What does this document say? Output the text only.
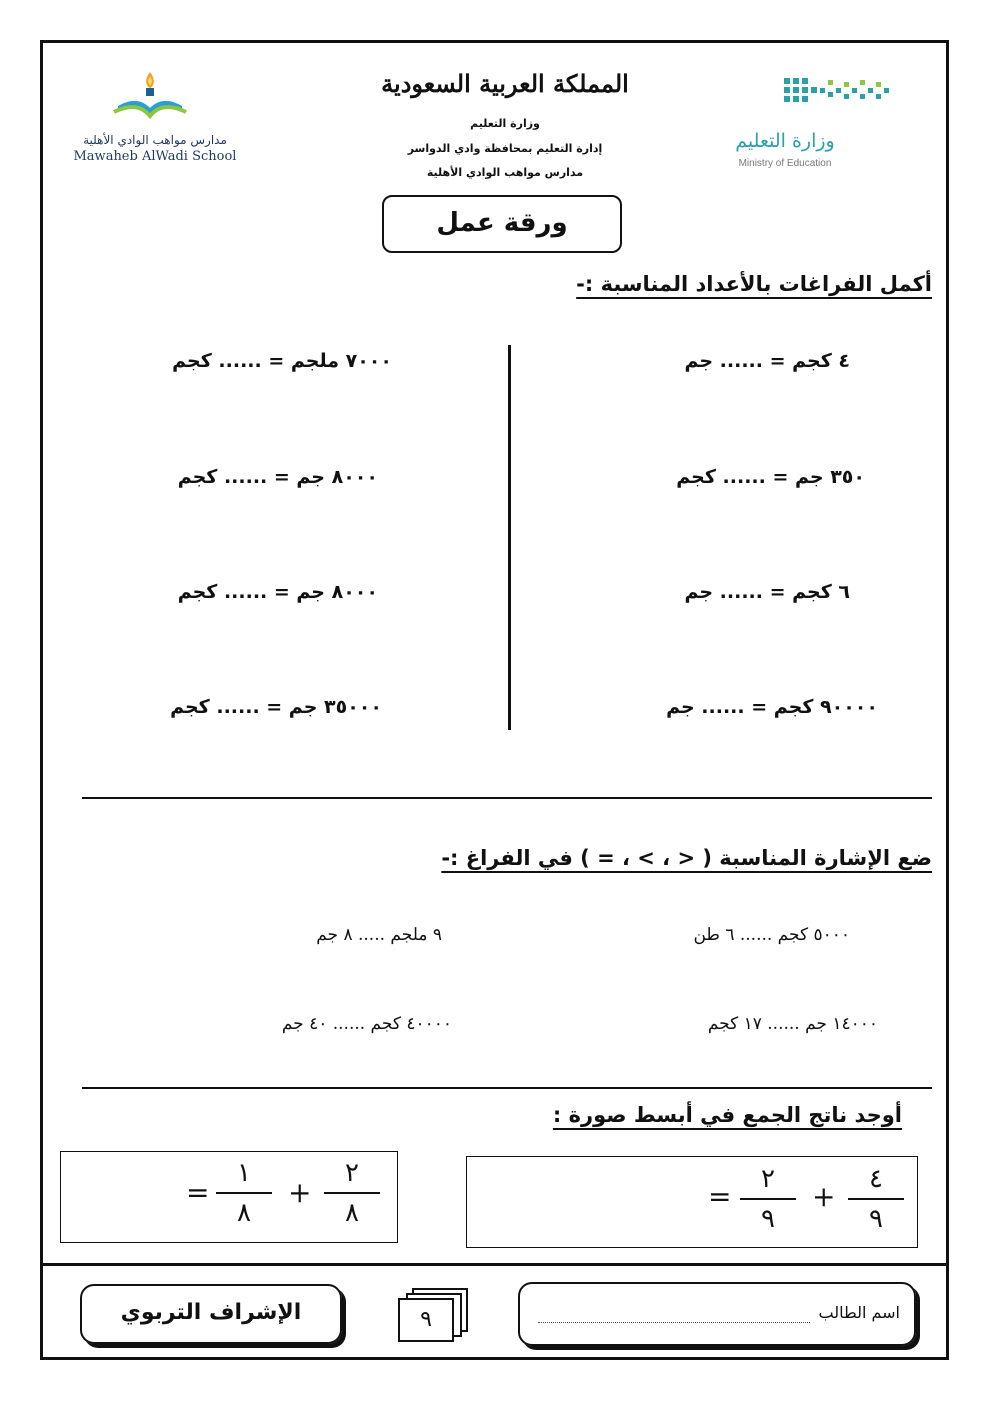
مدارس مواهب الوادي الأهلية
Mawaheb AlWadi School
المملكة العربية السعودية
وزارة التعليم
إدارة التعليم بمحافظة وادي الدواسر
مدارس مواهب الوادي الأهلية
وزارة التعليم
Ministry of Education
ورقة عمل
أكمل الفراغات بالأعداد المناسبة :-
٤ كجم = ...... جم
٣٥٠ جم = ...... كجم
٦ كجم = ...... جم
٩٠٠٠٠ كجم = ...... جم
٧٠٠٠ ملجم = ...... كجم
٨٠٠٠ جم = ...... كجم
٨٠٠٠ جم = ...... كجم
٣٥٠٠٠ جم = ...... كجم
ضع الإشارة المناسبة ( < ، > ، = ) في الفراغ :-
٥٠٠٠ كجم ...... ٦ طن
١٤٠٠٠ جم ...... ١٧ كجم
٩ ملجم ..... ٨ جم
٤٠٠٠٠ كجم ...... ٤٠ جم
أوجد ناتج الجمع في أبسط صورة :
٤
٩
+
٢
٩
=
٢
٨
+
١
٨
=
الإشراف التربوي	٩	اسم الطالب
